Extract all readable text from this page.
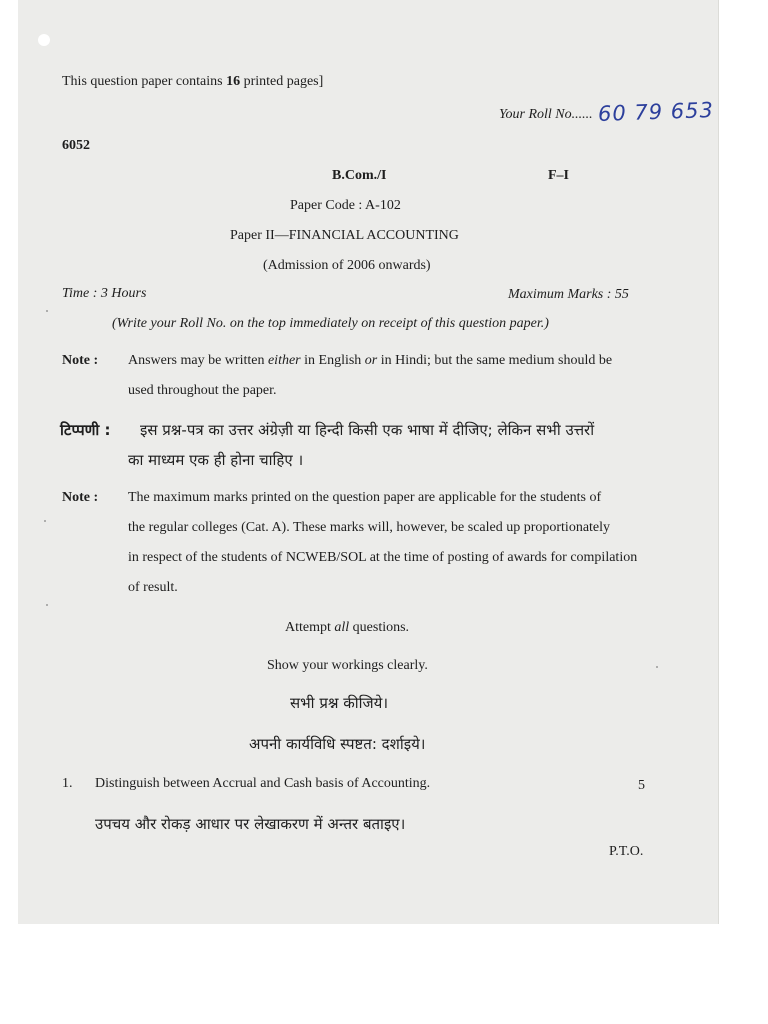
This question paper contains 16 printed pages]
Your Roll No...... 60 79 653
6052
B.Com./I	F–I
Paper Code : A-102
Paper II—FINANCIAL ACCOUNTING
(Admission of 2006 onwards)
Time : 3 Hours	Maximum Marks : 55
(Write your Roll No. on the top immediately on receipt of this question paper.)
Note : Answers may be written either in English or in Hindi; but the same medium should be
used throughout the paper.
टिप्पणी : इस प्रश्न-पत्र का उत्तर अंग्रेज़ी या हिन्दी किसी एक भाषा में दीजिए; लेकिन सभी उत्तरों
का माध्यम एक ही होना चाहिए ।
Note : The maximum marks printed on the question paper are applicable for the students of
the regular colleges (Cat. A). These marks will, however, be scaled up proportionately
in respect of the students of NCWEB/SOL at the time of posting of awards for compilation
of result.
Attempt all questions.
Show your workings clearly.
सभी प्रश्न कीजिये।
अपनी कार्यविधि स्पष्टत: दर्शाइये।
1. Distinguish between Accrual and Cash basis of Accounting.	5
उपचय और रोकड़ आधार पर लेखाकरण में अन्तर बताइए।
P.T.O.
